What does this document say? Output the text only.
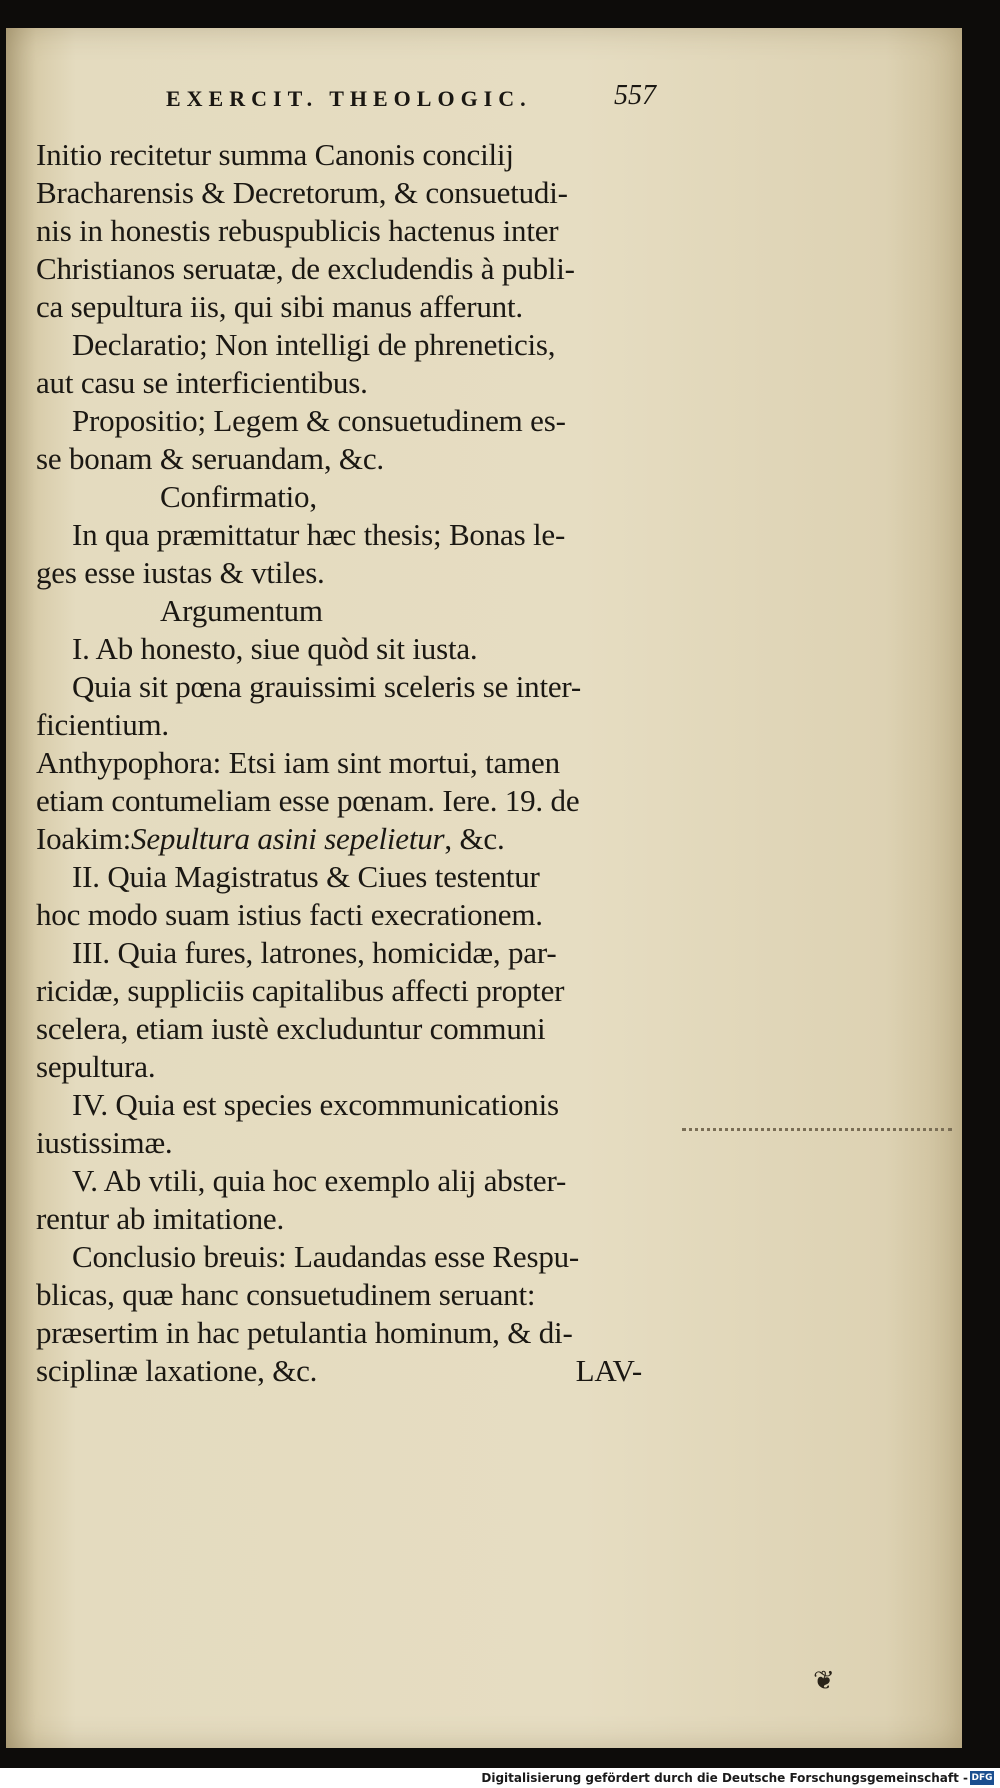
EXERCIT. THEOLOGIC.	557
Initio recitetur summa Canonis concilij
Bracharensis & Decretorum, & consuetudi-
nis in honestis rebuspublicis hactenus inter
Christianos seruatæ, de excludendis à publi-
ca sepultura iis, qui sibi manus afferunt.
Declaratio; Non intelligi de phreneticis,
aut casu se interficientibus.
Propositio; Legem & consuetudinem es-
se bonam & seruandam, &c.
Confirmatio,
In qua præmittatur hæc thesis; Bonas le-
ges esse iustas & vtiles.
Argumentum
I. Ab honesto, siue quòd sit iusta.
Quia sit pœna grauissimi sceleris se inter-
ficientium.
Anthypophora: Etsi iam sint mortui, tamen
etiam contumeliam esse pœnam. Iere. 19. de
Ioakim:Sepultura asini sepelietur, &c.
II. Quia Magistratus & Ciues testentur
hoc modo suam istius facti execrationem.
III. Quia fures, latrones, homicidæ, par-
ricidæ, suppliciis capitalibus affecti propter
scelera, etiam iustè excluduntur communi
sepultura.
IV. Quia est species excommunicationis
iustissimæ.
V. Ab vtili, quia hoc exemplo alij abster-
rentur ab imitatione.
Conclusio breuis: Laudandas esse Respu-
blicas, quæ hanc consuetudinem seruant:
præsertim in hac petulantia hominum, & di-
sciplinæ laxatione, &c.	LAV-
❦
Digitalisierung gefördert durch die Deutsche Forschungsgemeinschaft - DFG
